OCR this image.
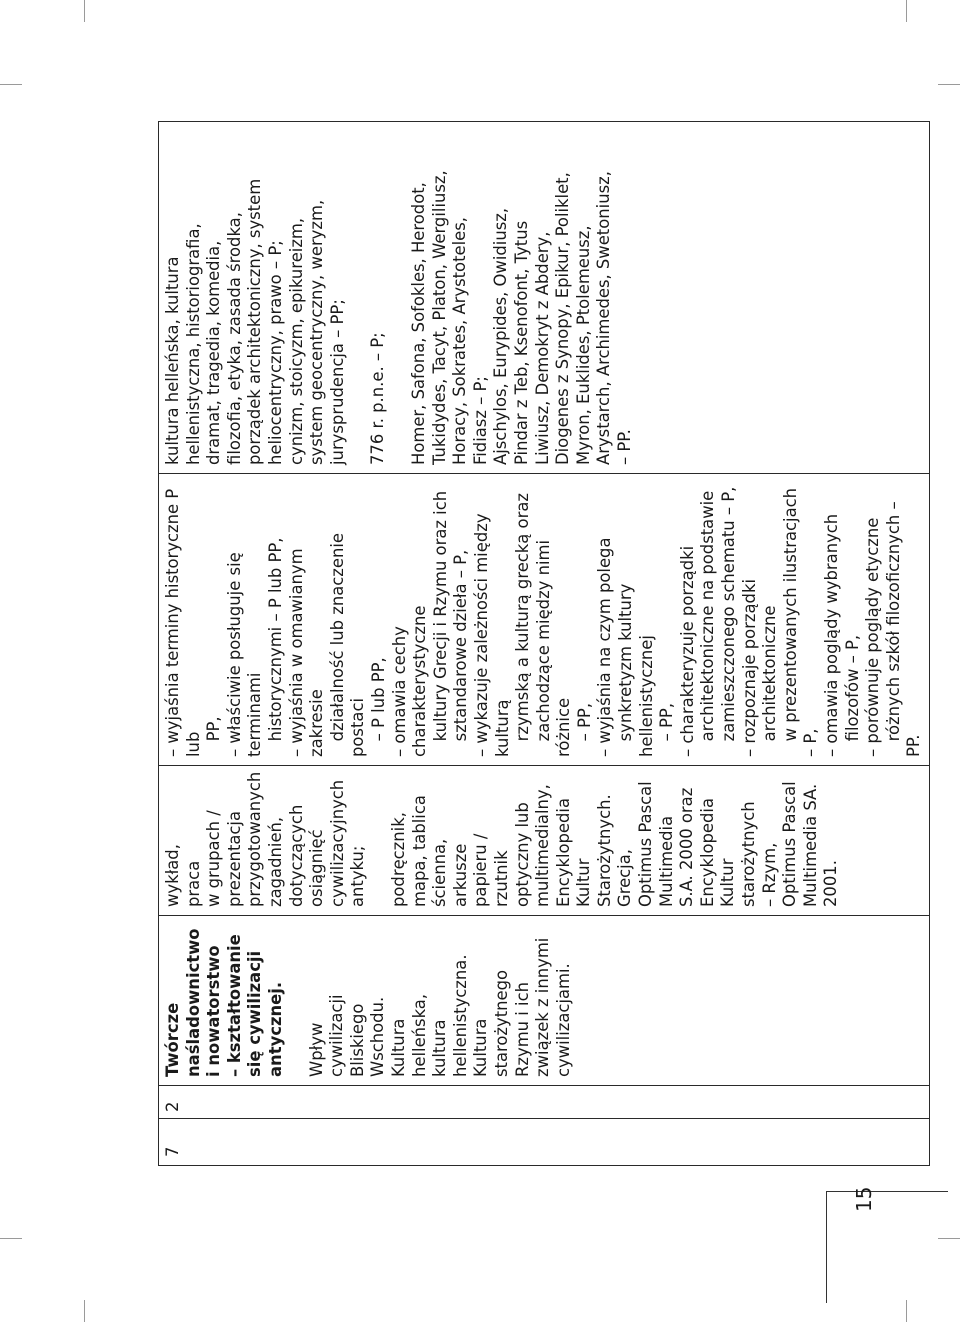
15
7	2	
Twórcze
naśladownictwo
i nowatorstwo
– kształtowanie
się cywilizacji
antycznej. Wpływ
cywilizacji
Bliskiego
Wschodu.
Kultura
helleńska,
kultura
hellenistyczna.
Kultura
starożytnego
Rzymu i ich
związek z innymi
cywilizacjami.

wykład,
praca
w grupach /
prezentacja
przygotowanych
zagadnień,
dotyczących
osiągnięć
cywilizacyjnych
antyku; podręcznik,
mapa, tablica
ścienna, arkusze
papieru / rzutnik
optyczny lub
multimedialny,
Encyklopedia
Kultur
Starożytnych.
Grecja,
Optimus Pascal
Multimedia
S.A. 2000 oraz
Encyklopedia
Kultur
starożytnych
– Rzym,
Optimus Pascal
Multimedia SA.
2001.

– wyjaśnia terminy historyczne P lub
PP,
– właściwie posługuje się terminami
historycznymi – P lub PP,
– wyjaśnia w omawianym zakresie
działalność lub znaczenie postaci
– P lub PP,
– omawia cechy charakterystyczne
kultury Grecji i Rzymu oraz ich
sztandarowe dzieła – P,
– wykazuje zależności między kulturą
rzymską a kulturą grecką oraz
zachodzące między nimi różnice
– PP,
– wyjaśnia na czym polega
synkretyzm kultury hellenistycznej
– PP,
– charakteryzuje porządki
architektoniczne na podstawie
zamieszczonego schematu – P,
– rozpoznaje porządki
architektoniczne
w prezentowanych ilustracjach – P,
– omawia poglądy wybranych
filozofów – P,
– porównuje poglądy etyczne
różnych szkół filozoficznych – PP.

kultura helleńska, kultura
hellenistyczna, historiografia,
dramat, tragedia, komedia,
filozofia, etyka, zasada środka,
porządek architektoniczny, system
heliocentryczny, prawo – P;
cynizm, stoicyzm, epikureizm,
system geocentryczny, weryzm,
jurysprudencja – PP;
776 r. p.n.e. – P; Homer, Safona, Sofokles, Herodot,
Tukidydes, Tacyt, Platon, Wergiliusz,
Horacy, Sokrates, Arystoteles,
Fidiasz – P;
Ajschylos, Eurypides, Owidiusz,
Pindar z Teb, Ksenofont, Tytus
Liwiusz, Demokryt z Abdery,
Diogenes z Synopy, Epikur, Poliklet,
Myron, Euklides, Ptolemeusz,
Arystarch, Archimedes, Swetoniusz,
– PP.
